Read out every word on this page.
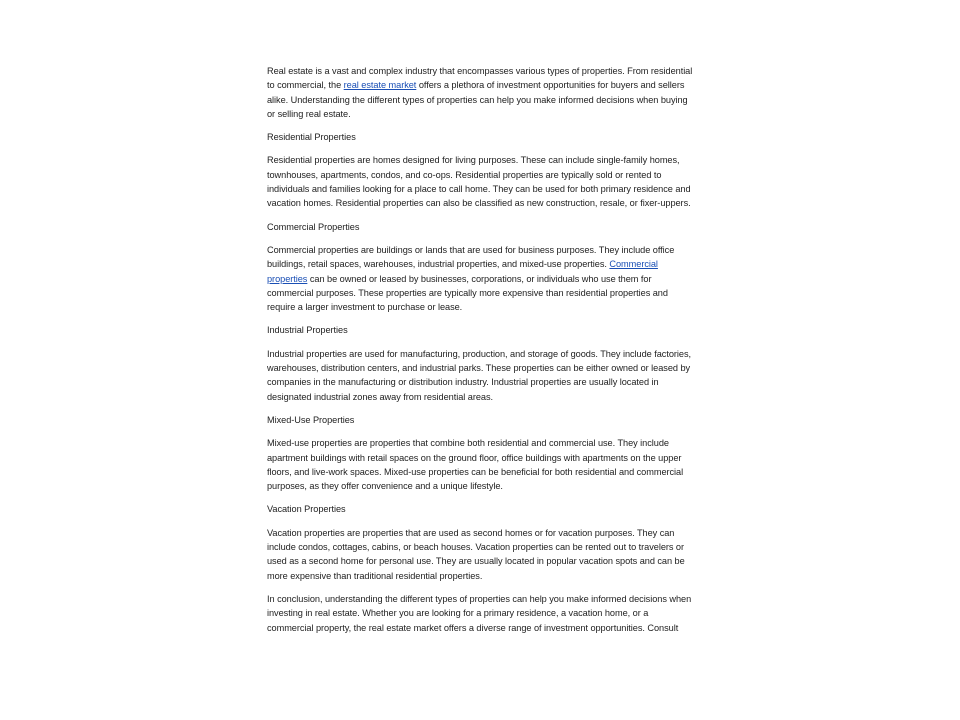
Real estate is a vast and complex industry that encompasses various types of properties. From residential to commercial, the real estate market offers a plethora of investment opportunities for buyers and sellers alike. Understanding the different types of properties can help you make informed decisions when buying or selling real estate.

Residential Properties

Residential properties are homes designed for living purposes. These can include single-family homes, townhouses, apartments, condos, and co-ops. Residential properties are typically sold or rented to individuals and families looking for a place to call home. They can be used for both primary residence and vacation homes. Residential properties can also be classified as new construction, resale, or fixer-uppers.

Commercial Properties

Commercial properties are buildings or lands that are used for business purposes. They include office buildings, retail spaces, warehouses, industrial properties, and mixed-use properties. Commercial properties can be owned or leased by businesses, corporations, or individuals who use them for commercial purposes. These properties are typically more expensive than residential properties and require a larger investment to purchase or lease.

Industrial Properties

Industrial properties are used for manufacturing, production, and storage of goods. They include factories, warehouses, distribution centers, and industrial parks. These properties can be either owned or leased by companies in the manufacturing or distribution industry. Industrial properties are usually located in designated industrial zones away from residential areas.

Mixed-Use Properties

Mixed-use properties are properties that combine both residential and commercial use. They include apartment buildings with retail spaces on the ground floor, office buildings with apartments on the upper floors, and live-work spaces. Mixed-use properties can be beneficial for both residential and commercial purposes, as they offer convenience and a unique lifestyle.

Vacation Properties

Vacation properties are properties that are used as second homes or for vacation purposes. They can include condos, cottages, cabins, or beach houses. Vacation properties can be rented out to travelers or used as a second home for personal use. They are usually located in popular vacation spots and can be more expensive than traditional residential properties.

In conclusion, understanding the different types of properties can help you make informed decisions when investing in real estate. Whether you are looking for a primary residence, a vacation home, or a commercial property, the real estate market offers a diverse range of investment opportunities. Consult
